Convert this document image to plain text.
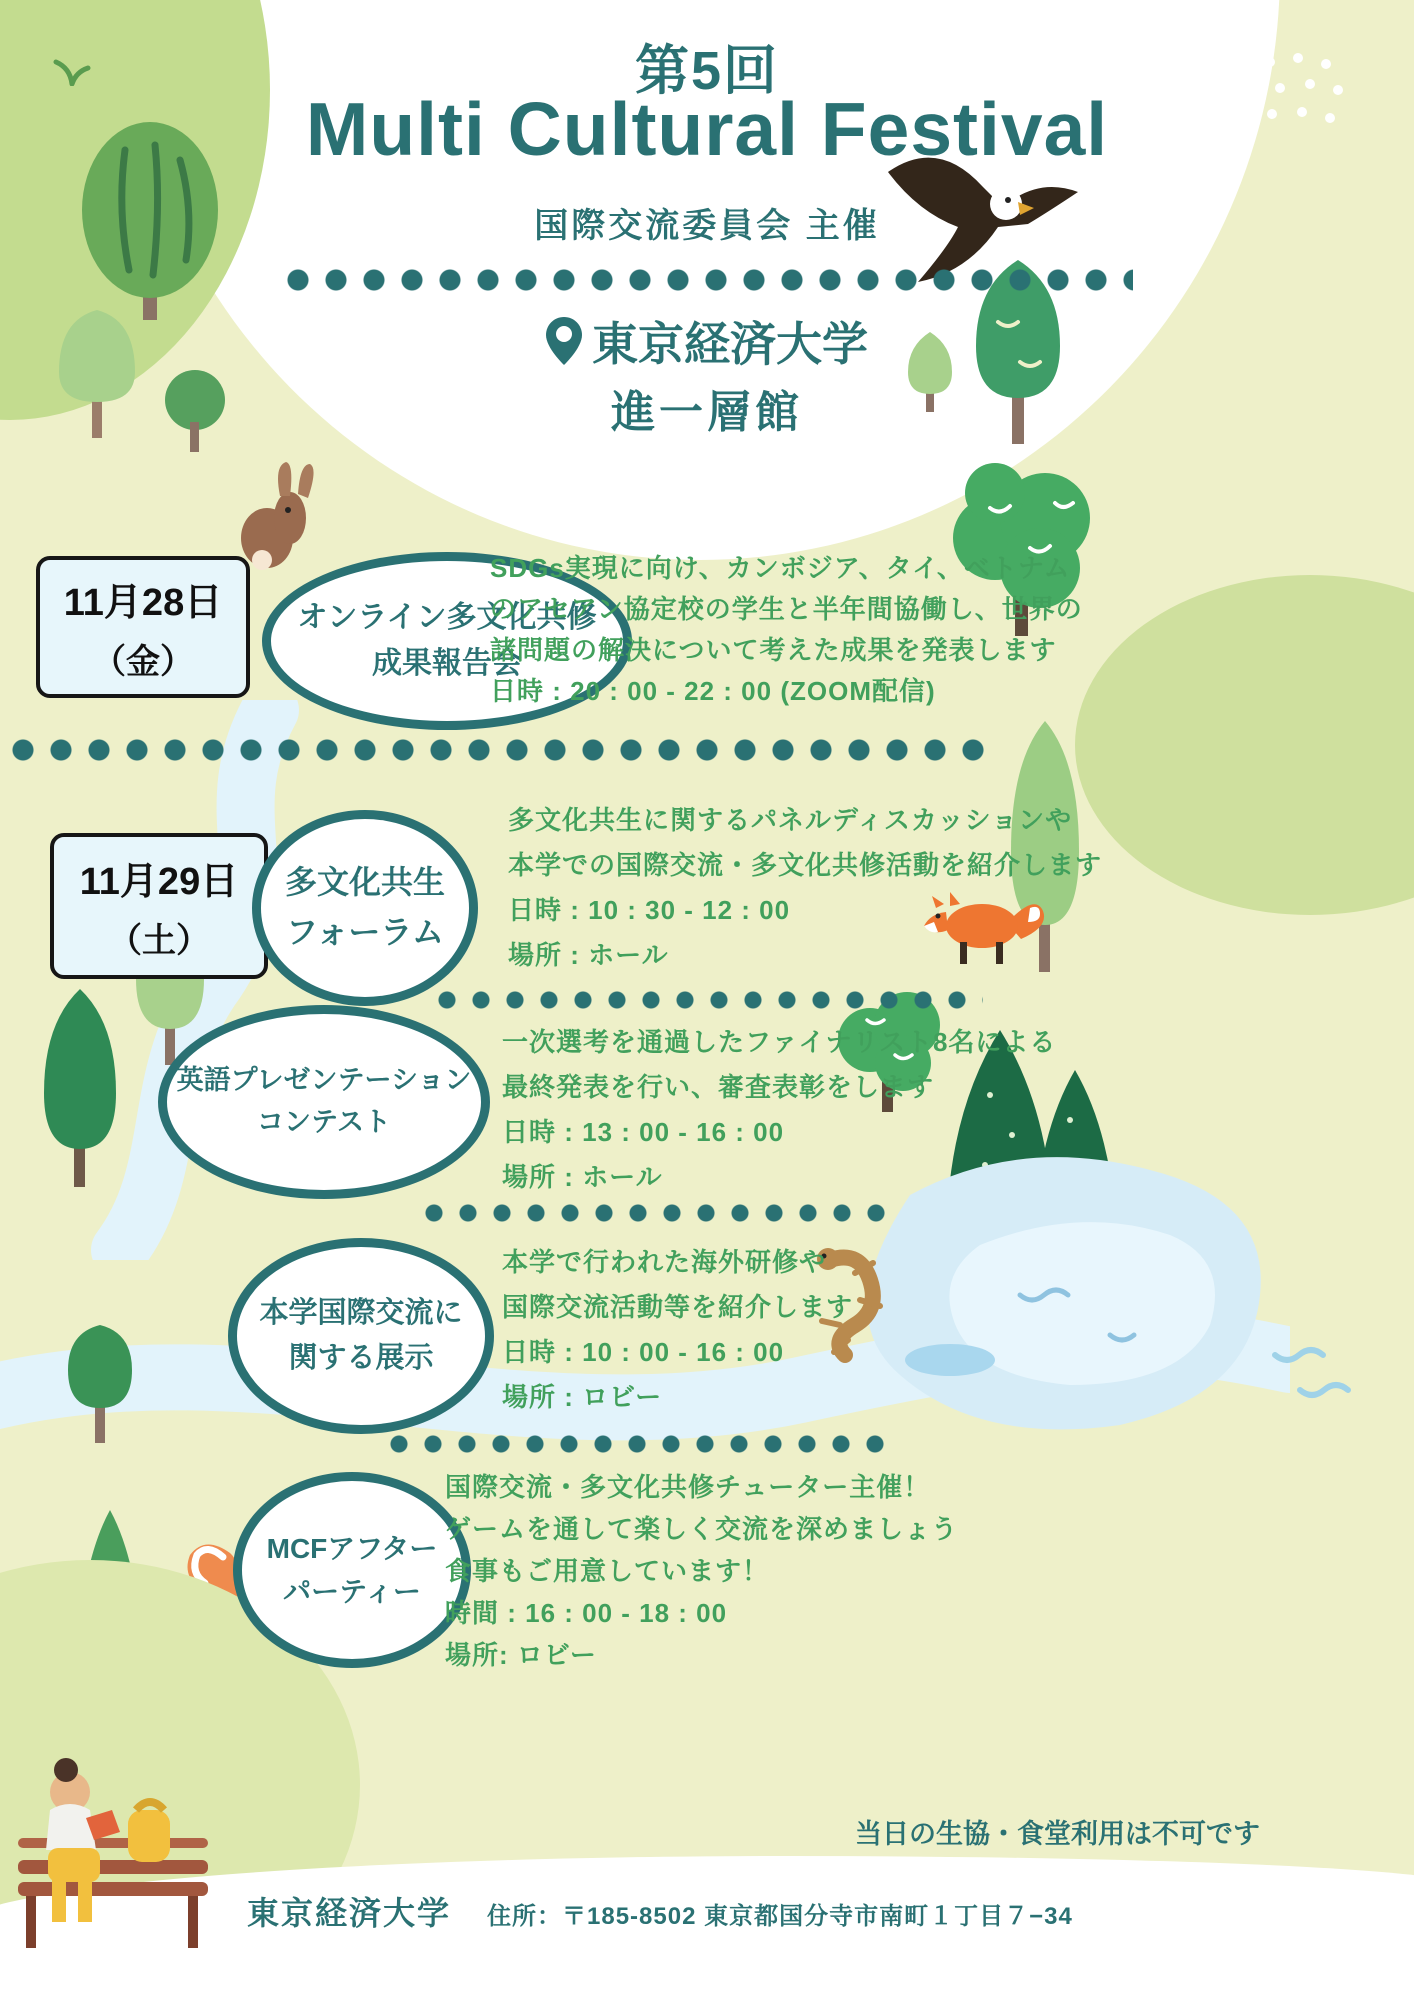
第5回
Multi Cultural Festival
国際交流委員会 主催
東京経済大学
進一層館
11月28日
（金）
オンライン多文化共修
成果報告会
SDGs実現に向け、カンボジア、タイ、ベトナム
のアセアン協定校の学生と半年間協働し、世界の
諸問題の解決について考えた成果を発表します
日時 : 20 : 00 - 22 : 00 (ZOOM配信)
11月29日
（土）
多文化共生
フォーラム
多文化共生に関するパネルディスカッションや
本学での国際交流・多文化共修活動を紹介します
日時 : 10 : 30 - 12 : 00
場所 : ホール
英語プレゼンテーション
コンテスト
一次選考を通過したファイナリスト8名による
最終発表を行い、審査表彰をします
日時 : 13 : 00 - 16 : 00
場所 : ホール
本学国際交流に
関する展示
本学で行われた海外研修や
国際交流活動等を紹介します
日時 : 10 : 00 - 16 : 00
場所 : ロビー
MCFアフター
パーティー
国際交流・多文化共修チューター主催！
ゲームを通して楽しく交流を深めましょう
食事もご用意しています！
時間 : 16 : 00 - 18 : 00
場所: ロビー
当日の生協・食堂利用は不可です
東京経済大学 住所：〒185-8502 東京都国分寺市南町１丁目７−34
